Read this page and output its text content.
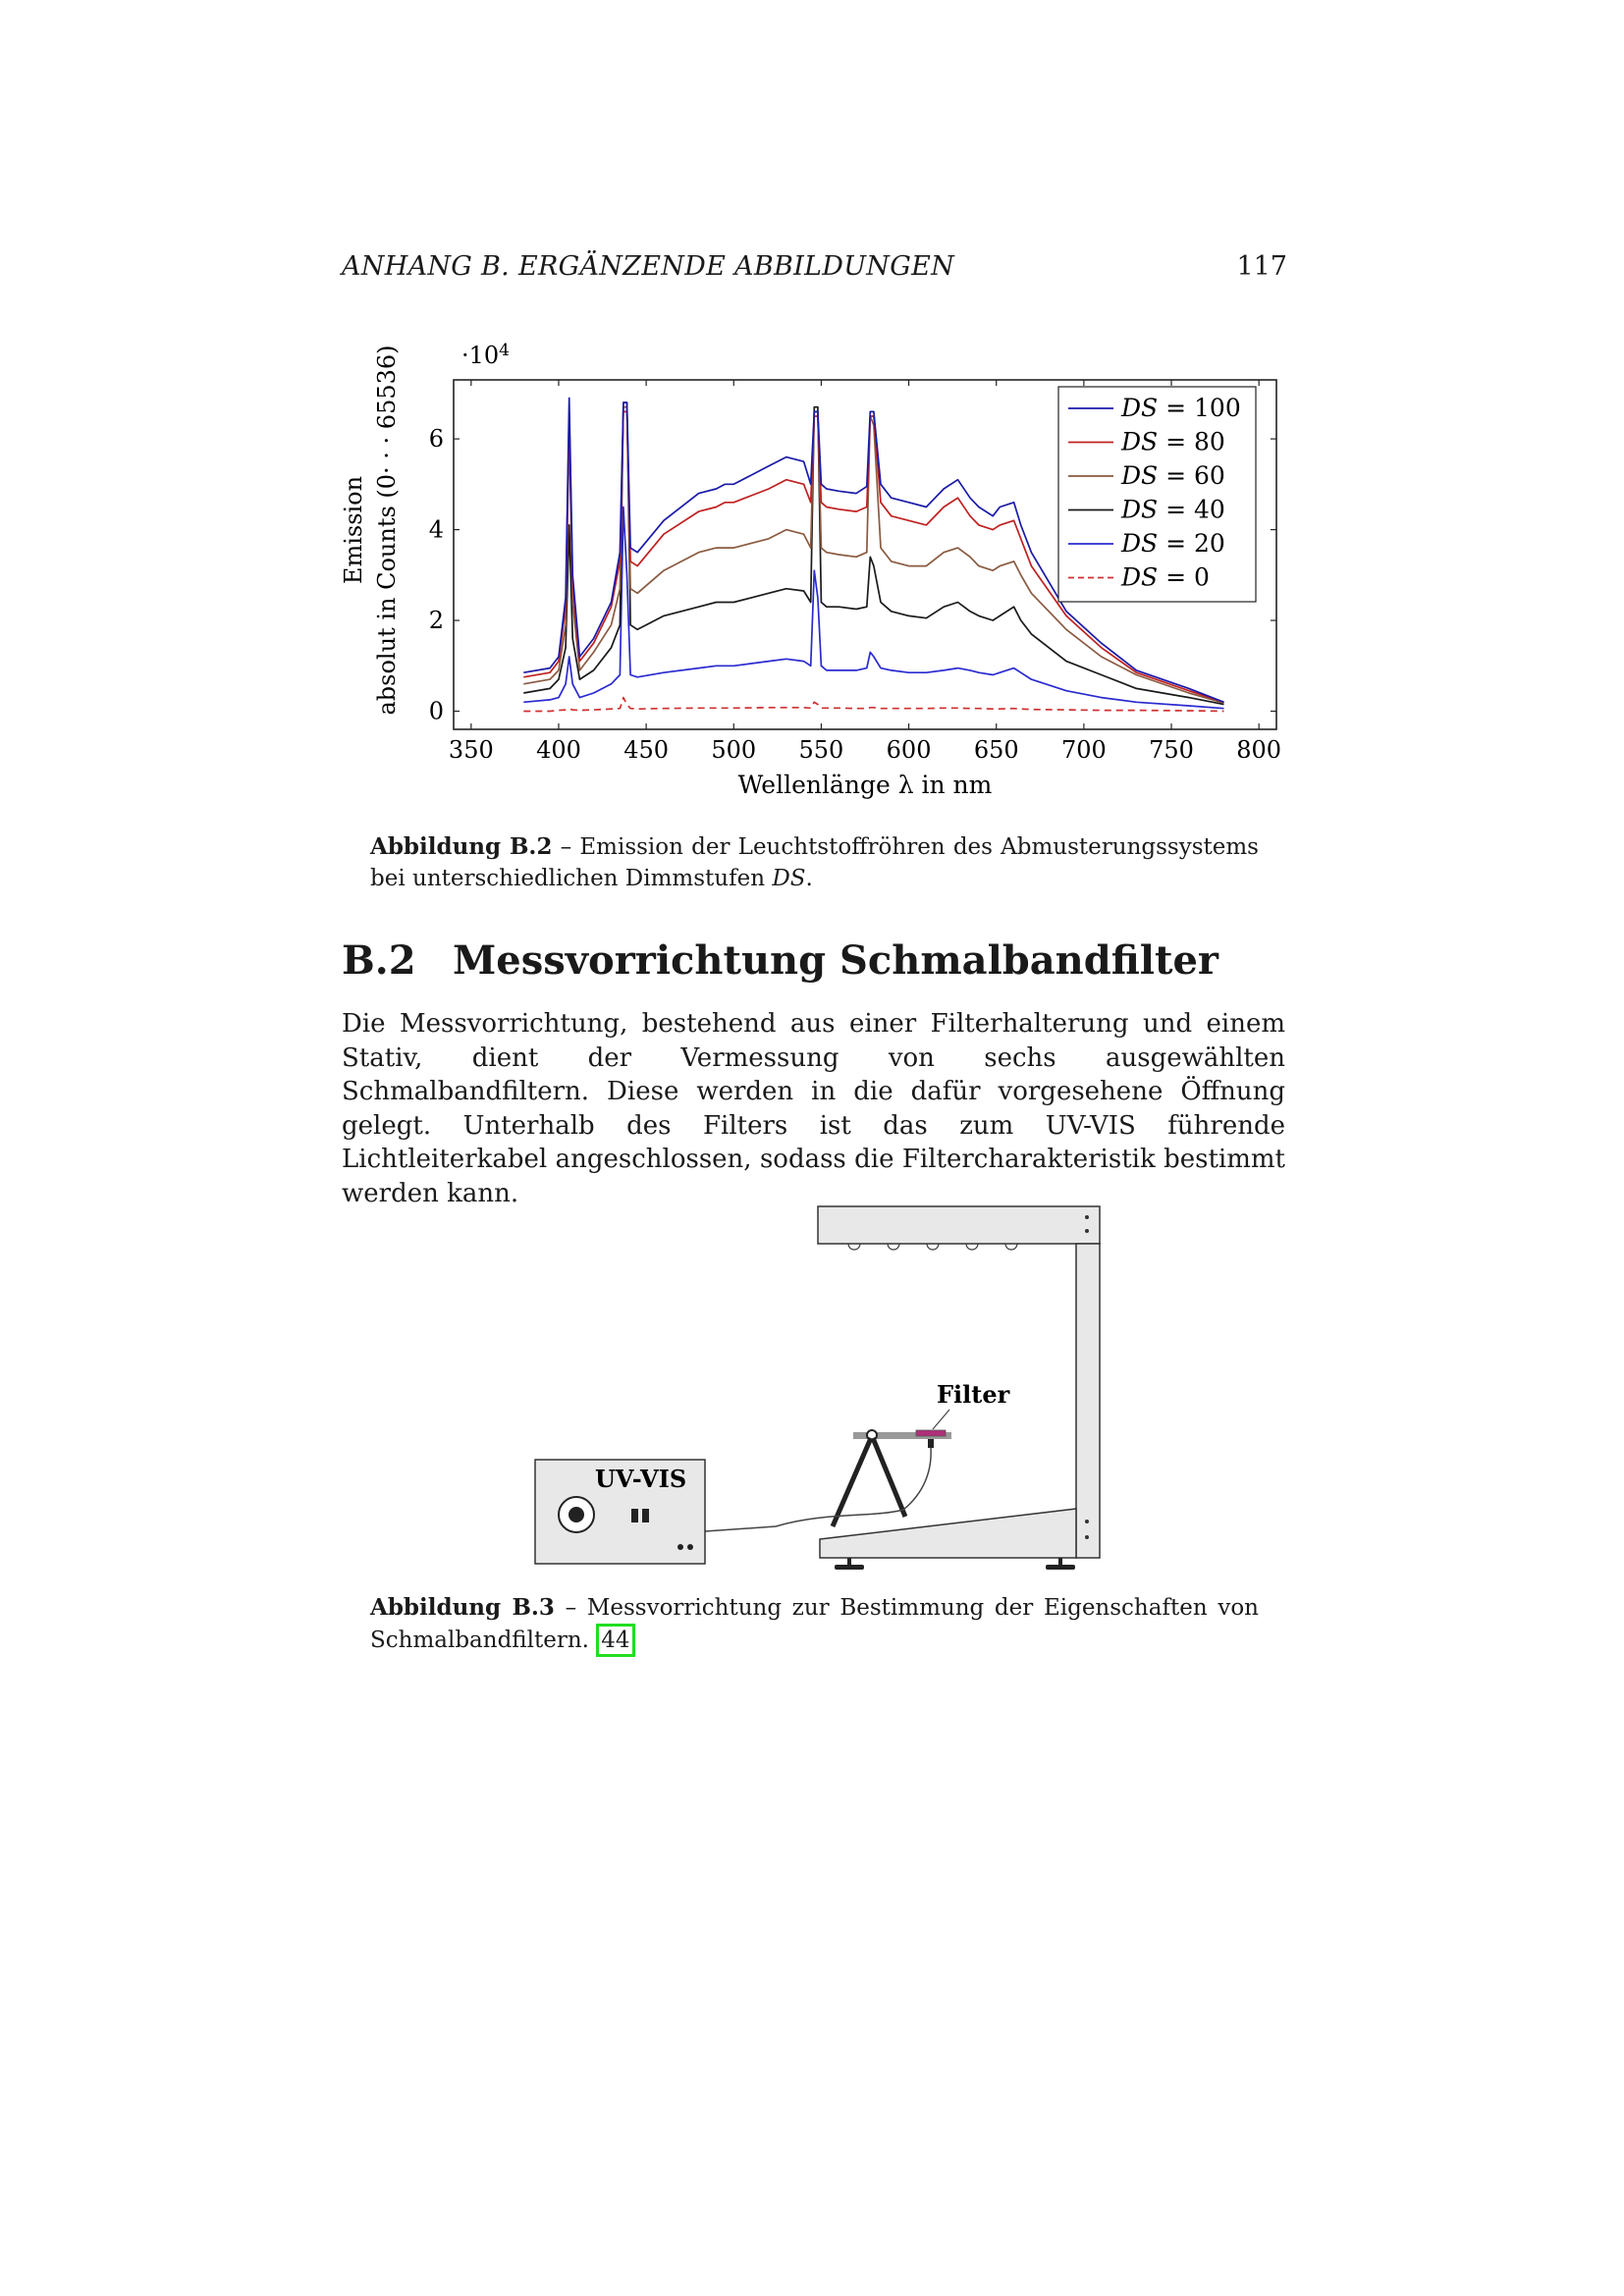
ANHANG B. ERGÄNZENDE ABBILDUNGEN	117
$\cdot 10^4$
Emission absolut in Counts (0· · · 65536)
Wellenlänge λ in nm
350 400 450 500 550 600 650 700 750 800
0
2
4
6
DS = 100
DS = 80
DS = 60
DS = 40
DS = 20
DS = 0
Abbildung B.2 – Emission der Leuchtstoffröhren des Abmusterungssystems bei unterschiedlichen Dimmstufen DS.
B.2 Messvorrichtung Schmalbandfilter
Die Messvorrichtung, bestehend aus einer Filterhalterung und einem Stativ, dient der Vermessung von sechs ausgewählten Schmalbandfiltern. Diese werden in die dafür vorgesehene Öffnung gelegt. Unterhalb des Filters ist das zum UV-VIS führende Lichtleiterkabel angeschlossen, sodass die Filtercharakteristik bestimmt werden kann.
Filter
UV-VIS
Abbildung B.3 – Messvorrichtung zur Bestimmung der Eigenschaften von Schmalbandfiltern. 44
